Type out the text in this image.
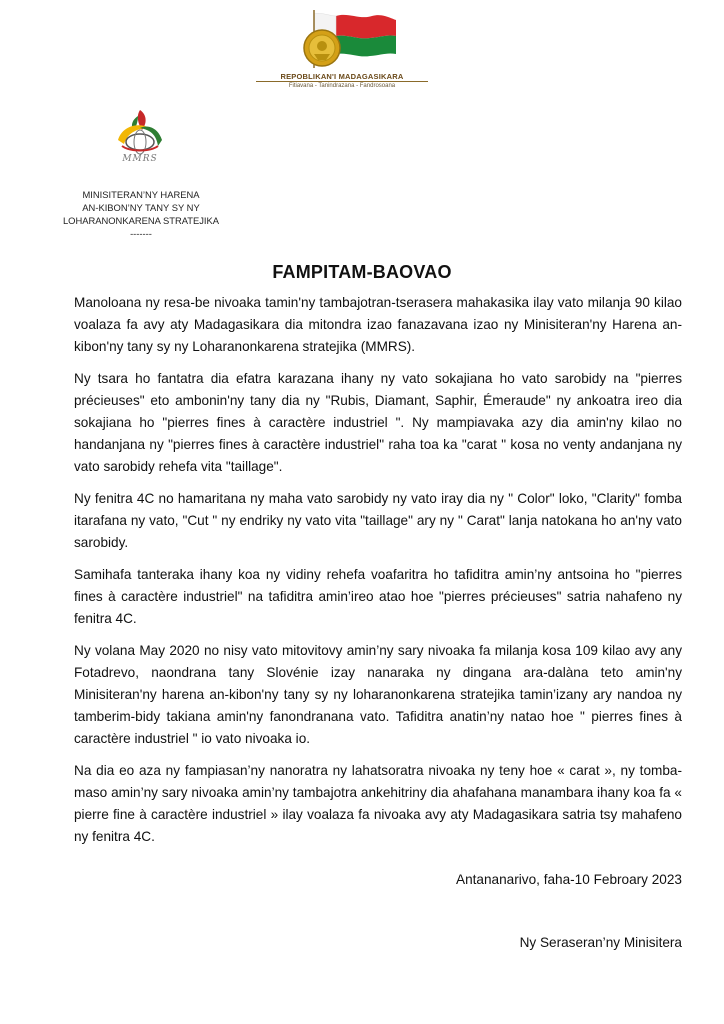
REPOBLIKAN'I MADAGASIKARA
Fitiavana - Tanindrazana - Fandrosoana
MMRS
MINISITERAN’NY HARENA
AN-KIBON’NY TANY SY NY
LOHARANONKARENA STRATEJIKA
-------
FAMPITAM-BAOVAO

Manoloana ny resa-be nivoaka tamin'ny tambajotran-tserasera mahakasika ilay vato milanja 90 kilao voalaza fa avy aty Madagasikara dia mitondra izao fanazavana izao ny Minisiteran'ny Harena an-kibon'ny tany sy ny Loharanonkarena stratejika (MMRS).

Ny tsara ho fantatra dia efatra karazana ihany ny vato sokajiana ho vato sarobidy na "pierres précieuses" eto ambonin'ny tany dia ny "Rubis, Diamant, Saphir, Émeraude" ny ankoatra ireo dia sokajiana ho "pierres fines à caractère industriel ". Ny mampiavaka azy dia amin'ny kilao no handanjana ny "pierres fines à caractère industriel" raha toa ka "carat " kosa no venty andanjana ny vato sarobidy rehefa vita "taillage".

Ny fenitra 4C no hamaritana ny maha vato sarobidy ny vato iray dia ny " Color" loko, "Clarity" fomba itarafana ny vato, "Cut " ny endriky ny vato vita "taillage" ary ny " Carat" lanja natokana ho an'ny vato sarobidy.

Samihafa tanteraka ihany koa ny vidiny rehefa voafaritra ho tafiditra amin’ny antsoina ho "pierres fines à caractère industriel" na tafiditra amin’ireo atao hoe "pierres précieuses" satria nahafeno ny fenitra 4C.

Ny volana May 2020 no nisy vato mitovitovy amin’ny sary nivoaka fa milanja kosa 109 kilao avy any Fotadrevo, naondrana tany Slovénie izay nanaraka ny dingana ara-dalàna teto amin'ny Minisiteran'ny harena an-kibon'ny tany sy ny loharanonkarena stratejika tamin’izany ary nandoa ny tamberim-bidy takiana amin'ny fanondranana vato. Tafiditra anatin’ny natao hoe " pierres fines à caractère industriel " io vato nivoaka io.

Na dia eo aza ny fampiasan’ny nanoratra ny lahatsoratra nivoaka ny teny hoe « carat », ny tomba-maso amin’ny sary nivoaka amin’ny tambajotra ankehitriny dia ahafahana manambara ihany koa fa « pierre fine à caractère industriel » ilay voalaza fa nivoaka avy aty Madagasikara satria tsy mahafeno ny fenitra 4C.

Antananarivo, faha-10 Febroary 2023
Ny Seraseran’ny Minisitera
